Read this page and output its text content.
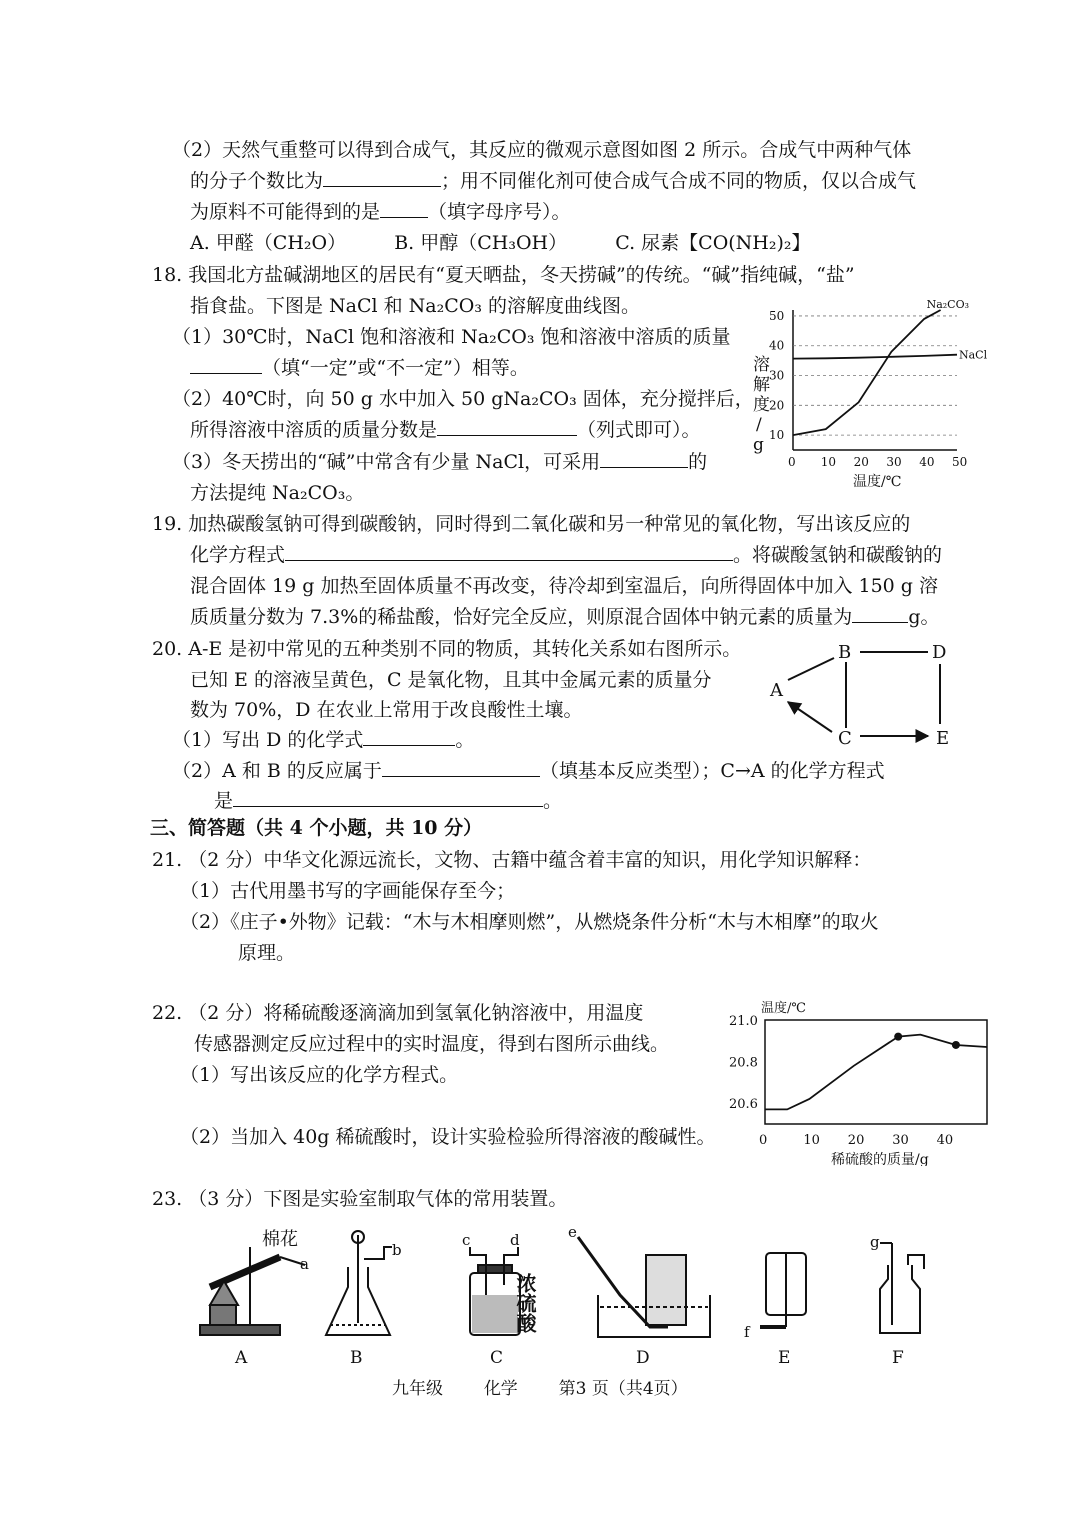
（2）天然气重整可以得到合成气，其反应的微观示意图如图 2 所示。合成气中两种气体
的分子个数比为	；用不同催化剂可使合成气合成不同的物质，仅以合成气
为原料不可能得到的是	（填字母序号）。
A. 甲醛（CH₂O）	B. 甲醇（CH₃OH）	C. 尿素【CO(NH₂)₂】
18. 我国北方盐碱湖地区的居民有“夏天晒盐，冬天捞碱”的传统。“碱”指纯碱，“盐”
指食盐。下图是 NaCl 和 Na₂CO₃ 的溶解度曲线图。
（1）30℃时，NaCl 饱和溶液和 Na₂CO₃ 饱和溶液中溶质的质量
（填“一定”或“不一定”）相等。
（2）40℃时，向 50 g 水中加入 50 gNa₂CO₃ 固体，充分搅拌后，
所得溶液中溶质的质量分数是	（列式即可）。
（3）冬天捞出的“碱”中常含有少量 NaCl，可采用	的
方法提纯 Na₂CO₃。
10
20
30
40
50
0 10 20 30 40 50
溶
解
度
/
g
温度/℃
Na₂CO₃
NaCl
19. 加热碳酸氢钠可得到碳酸钠，同时得到二氧化碳和另一种常见的氧化物，写出该反应的
化学方程式	。将碳酸氢钠和碳酸钠的
混合固体 19 g 加热至固体质量不再改变，待冷却到室温后，向所得固体中加入 150 g 溶
质质量分数为 7.3%的稀盐酸，恰好完全反应，则原混合固体中钠元素的质量为	g。
20. A-E 是初中常见的五种类别不同的物质，其转化关系如右图所示。
已知 E 的溶液呈黄色，C 是氧化物，且其中金属元素的质量分
数为 70%，D 在农业上常用于改良酸性土壤。
（1）写出 D 的化学式	。
（2）A 和 B 的反应属于	（填基本反应类型）；C→A 的化学方程式
是	。
B	D
A
C	E
三、简答题（共 4 个小题，共 10 分）
21. （2 分）中华文化源远流长，文物、古籍中蕴含着丰富的知识，用化学知识解释：
（1）古代用墨书写的字画能保存至今；
（2）《庄子•外物》记载：“木与木相摩则燃”，从燃烧条件分析“木与木相摩”的取火
原理。
22. （2 分）将稀硫酸逐滴滴加到氢氧化钠溶液中，用温度
传感器测定反应过程中的实时温度，得到右图所示曲线。
（1）写出该反应的化学方程式。
（2）当加入 40g 稀硫酸时，设计实验检验所得溶液的酸碱性。
20.6
20.8
21.0
0	10 20 30 40
温度/℃
稀硫酸的质量/g
23. （3 分）下图是实验室制取气体的常用装置。
棉花
a
A
b
B
c	d
浓硫酸
C
e
D
f
E
g
F
九年级 化学 第3 页（共4页）
